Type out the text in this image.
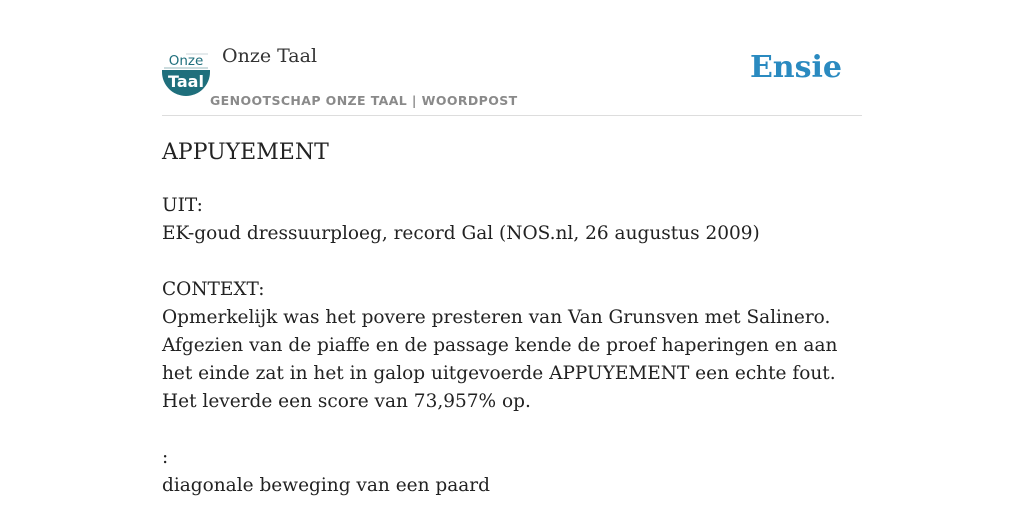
Onze
Taal
Onze Taal
GENOOTSCHAP ONZE TAAL | WOORDPOST
Ensie
APPUYEMENT

UIT:

EK-goud dressuurploeg, record Gal (NOS.nl, 26 augustus 2009)

CONTEXT:

Opmerkelijk was het povere presteren van Van Grunsven met Salinero. Afgezien van de piaffe en de passage kende de proef haperingen en aan het einde zat in het in galop uitgevoerde APPUYEMENT een echte fout. Het leverde een score van 73,957% op.

:

diagonale beweging van een paard
